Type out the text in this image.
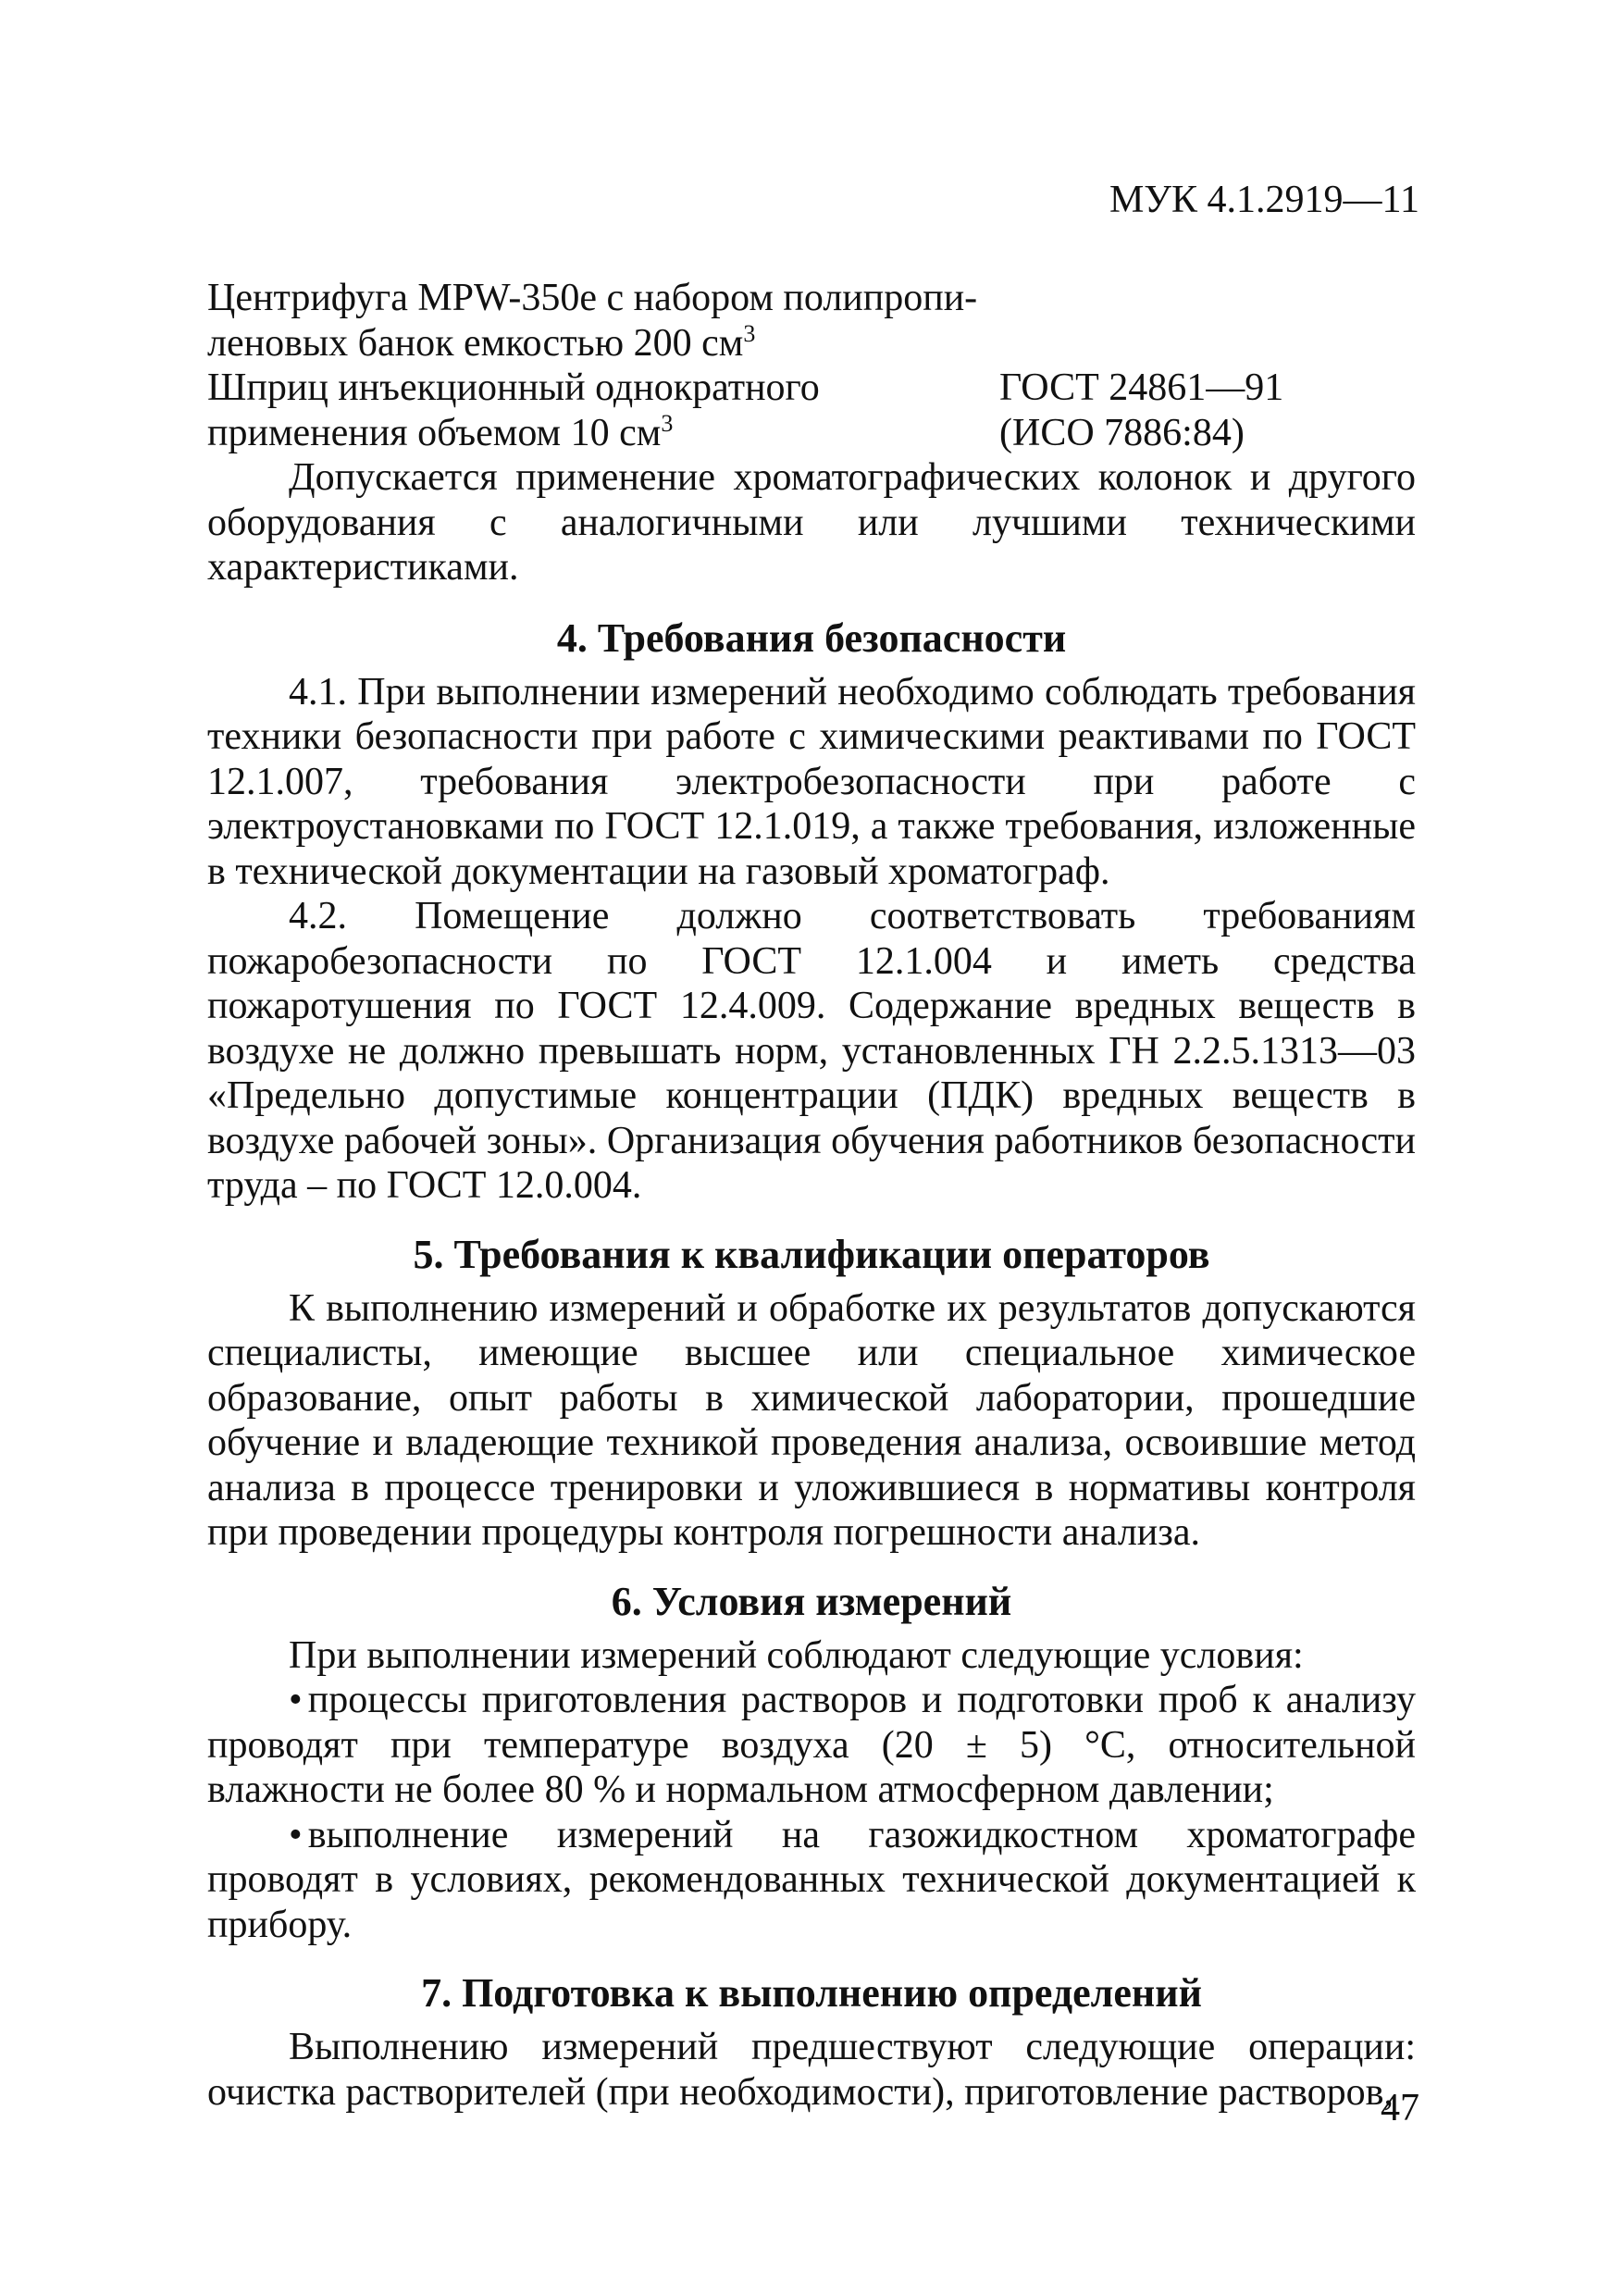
МУК 4.1.2919—11
Центрифуга MPW-350e с набором полипропи-
леновых банок емкостью 200 $см^3$
Шприц инъекционный однократного
применения объемом 10 $см^3$
ГОСТ 24861—91
(ИСО 7886:84)

Допускается применение хроматографических колонок и другого оборудования с аналогичными или лучшими техническими характеристиками.

4. Требования безопасности

4.1. При выполнении измерений необходимо соблюдать требования техники безопасности при работе с химическими реактивами по ГОСТ 12.1.007, требования электробезопасности при работе с электроустановками по ГОСТ 12.1.019, а также требования, изложенные в технической документации на газовый хроматограф.

4.2. Помещение должно соответствовать требованиям пожаробезопасности по ГОСТ 12.1.004 и иметь средства пожаротушения по ГОСТ 12.4.009. Содержание вредных веществ в воздухе не должно превышать норм, установленных ГН 2.2.5.1313—03 «Предельно допустимые концентрации (ПДК) вредных веществ в воздухе рабочей зоны». Организация обучения работников безопасности труда – по ГОСТ 12.0.004.

5. Требования к квалификации операторов

К выполнению измерений и обработке их результатов допускаются специалисты, имеющие высшее или специальное химическое образование, опыт работы в химической лаборатории, прошедшие обучение и владеющие техникой проведения анализа, освоившие метод анализа в процессе тренировки и уложившиеся в нормативы контроля при проведении процедуры контроля погрешности анализа.

6. Условия измерений

При выполнении измерений соблюдают следующие условия:

• процессы приготовления растворов и подготовки проб к анализу проводят при температуре воздуха (20 ± 5) °С, относительной влажности не более 80 % и нормальном атмосферном давлении;

• выполнение измерений на газожидкостном хроматографе проводят в условиях, рекомендованных технической документацией к прибору.

7. Подготовка к выполнению определений

Выполнению измерений предшествуют следующие операции: очистка растворителей (при необходимости), приготовление растворов,

47
